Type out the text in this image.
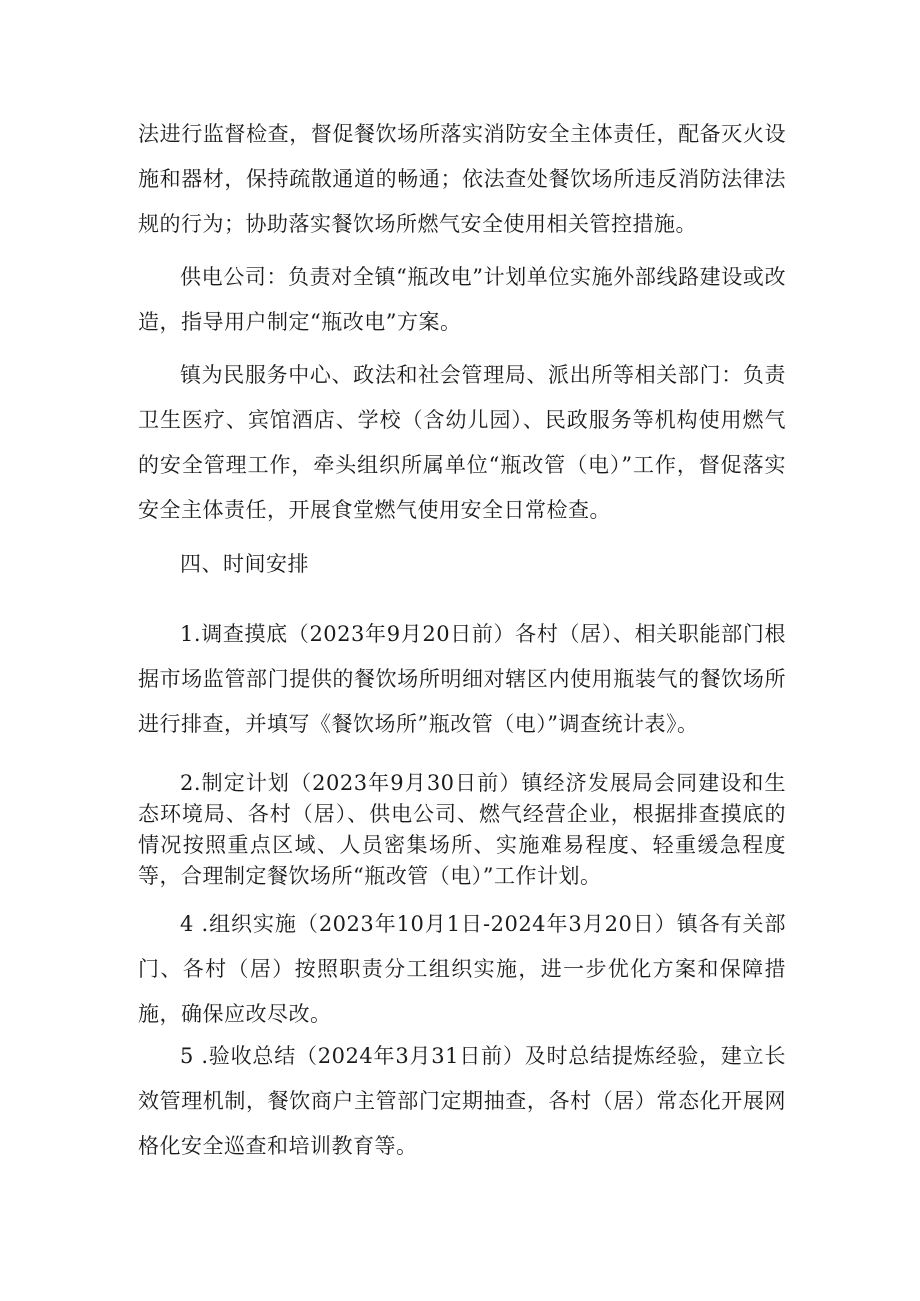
法进行监督检查，督促餐饮场所落实消防安全主体责任，配备灭火设施和器材，保持疏散通道的畅通；依法查处餐饮场所违反消防法律法规的行为；协助落实餐饮场所燃气安全使用相关管控措施。

供电公司：负责对全镇“瓶改电”计划单位实施外部线路建设或改造，指导用户制定“瓶改电”方案。

镇为民服务中心、政法和社会管理局、派出所等相关部门：负责卫生医疗、宾馆酒店、学校（含幼儿园）、民政服务等机构使用燃气的安全管理工作，牵头组织所属单位“瓶改管（电）”工作，督促落实安全主体责任，开展食堂燃气使用安全日常检查。

四、时间安排

1.调查摸底（2023年9月20日前）各村（居）、相关职能部门根据市场监管部门提供的餐饮场所明细对辖区内使用瓶装气的餐饮场所进行排查，并填写《餐饮场所”瓶改管（电）”调查统计表》。

2.制定计划（2023年9月30日前）镇经济发展局会同建设和生态环境局、各村（居）、供电公司、燃气经营企业，根据排查摸底的情况按照重点区域、人员密集场所、实施难易程度、轻重缓急程度等，合理制定餐饮场所“瓶改管（电）”工作计划。

4 .组织实施（2023年10月1日-2024年3月20日）镇各有关部门、各村（居）按照职责分工组织实施，进一步优化方案和保障措施，确保应改尽改。

5 .验收总结（2024年3月31日前）及时总结提炼经验，建立长效管理机制，餐饮商户主管部门定期抽查，各村（居）常态化开展网格化安全巡查和培训教育等。
